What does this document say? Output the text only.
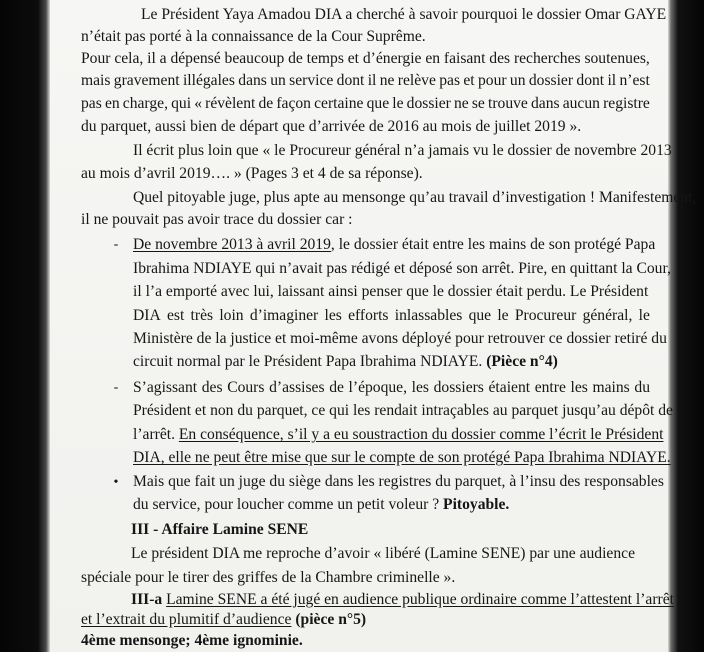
Le Président Yaya Amadou DIA a cherché à savoir pourquoi le dossier Omar GAYE
n’était pas porté à la connaissance de la Cour Suprême.
Pour cela, il a dépensé beaucoup de temps et d’énergie en faisant des recherches soutenues,
mais gravement illégales dans un service dont il ne relève pas et pour un dossier dont il n’est
pas en charge, qui « révèlent de façon certaine que le dossier ne se trouve dans aucun registre
du parquet, aussi bien de départ que d’arrivée de 2016 au mois de juillet 2019 ».
Il écrit plus loin que « le Procureur général n’a jamais vu le dossier de novembre 2013
au mois d’avril 2019…. » (Pages 3 et 4 de sa réponse).
Quel pitoyable juge, plus apte au mensonge qu’au travail d’investigation ! Manifestement,
il ne pouvait pas avoir trace du dossier car :
- De novembre 2013 à avril 2019, le dossier était entre les mains de son protégé Papa
Ibrahima NDIAYE qui n’avait pas rédigé et déposé son arrêt. Pire, en quittant la Cour,
il l’a emporté avec lui, laissant ainsi penser que le dossier était perdu. Le Président
DIA est très loin d’imaginer les efforts inlassables que le Procureur général, le
Ministère de la justice et moi-même avons déployé pour retrouver ce dossier retiré du
circuit normal par le Président Papa Ibrahima NDIAYE. (Pièce n°4)
- S’agissant des Cours d’assises de l’époque, les dossiers étaient entre les mains du
Président et non du parquet, ce qui les rendait intraçables au parquet jusqu’au dépôt de
l’arrêt. En conséquence, s’il y a eu soustraction du dossier comme l’écrit le Président
DIA, elle ne peut être mise que sur le compte de son protégé Papa Ibrahima NDIAYE.
• Mais que fait un juge du siège dans les registres du parquet, à l’insu des responsables
du service, pour loucher comme un petit voleur ? Pitoyable.
III - Affaire Lamine SENE
Le président DIA me reproche d’avoir « libéré (Lamine SENE) par une audience
spéciale pour le tirer des griffes de la Chambre criminelle ».
III-a Lamine SENE a été jugé en audience publique ordinaire comme l’attestent l’arrêt
et l’extrait du plumitif d’audience (pièce n°5)
4ème mensonge; 4ème ignominie.
